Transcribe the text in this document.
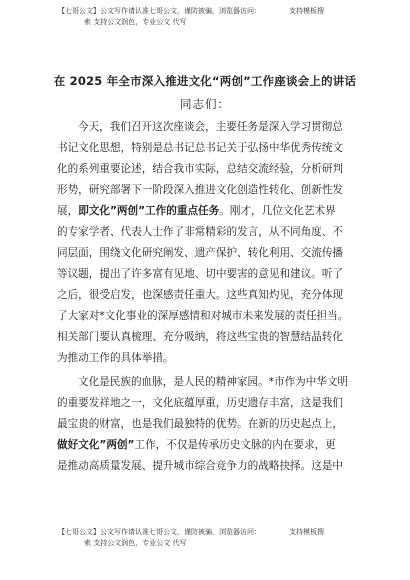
【七哥公文】公文写作请认准七哥公文，谨防被骗，浏览器访问：	支持模板搜
索 支持公文润色，专业公文 代写
在 2025 年全市深入推进文化“两创”工作座谈会上的讲话
同志们：
今天，我们召开这次座谈会，主要任务是深入学习贯彻总
书记文化思想，特别是总书记总书记关于弘扬中华优秀传统文
化的系列重要论述，结合我市实际，总结交流经验，分析研判
形势，研究部署下一阶段深入推进文化创造性转化、创新性发
展，即文化”两创”工作的重点任务。刚才，几位文化艺术界
的专家学者、代表人士作了非常精彩的发言，从不同角度、不
同层面，围绕文化研究阐发、遗产保护、转化利用、交流传播
等议题，提出了许多富有见地、切中要害的意见和建议。听了
之后，很受启发，也深感责任重大。这些真知灼见，充分体现
了大家对*文化事业的深厚感情和对城市未来发展的责任担当。
相关部门要认真梳理、充分吸纳，将这些宝贵的智慧结晶转化
为推动工作的具体举措。
文化是民族的血脉，是人民的精神家园。*市作为中华文明
的重要发祥地之一，文化底蕴厚重，历史遗存丰富，这是我们
最宝贵的财富，也是我们最独特的优势。在新的历史起点上，
做好文化”两创”工作，不仅是传承历史文脉的内在要求，更
是推动高质量发展、提升城市综合竞争力的战略抉择。这是中
【七哥公文】公文写作请认准七哥公文，谨防被骗，浏览器访问：	支持模板搜
索 支持公文润色，专业公文 代写
